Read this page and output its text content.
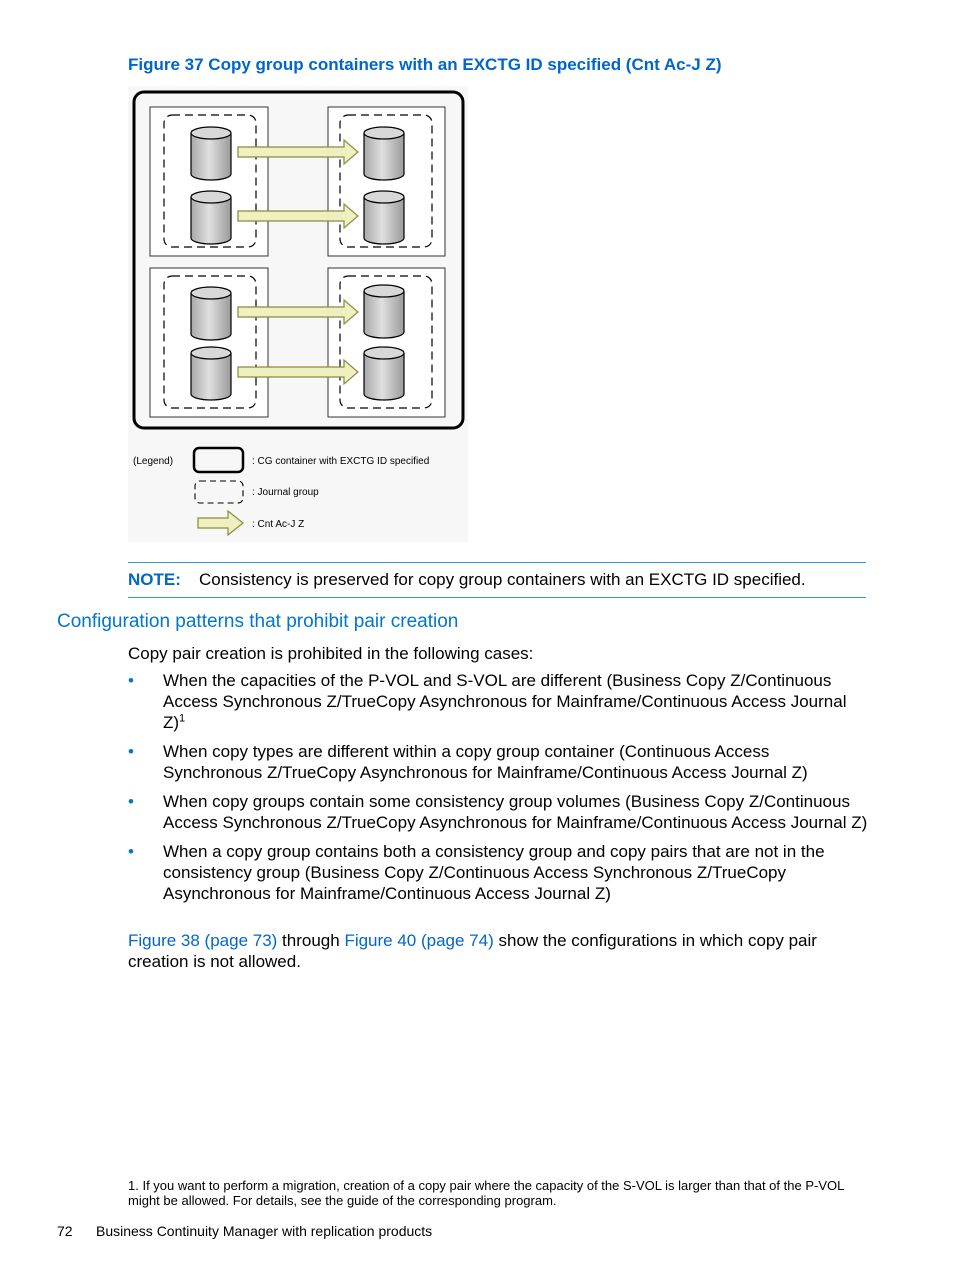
Figure 37 Copy group containers with an EXCTG ID specified (Cnt Ac-J Z)
(Legend)	: CG container with EXCTG ID specified
: Journal group
: Cnt Ac-J Z
NOTE:	Consistency is preserved for copy group containers with an EXCTG ID specified.
Configuration patterns that prohibit pair creation
Copy pair creation is prohibited in the following cases:
• When the capacities of the P-VOL and S-VOL are different (Business Copy Z/Continuous Access Synchronous Z/TrueCopy Asynchronous for Mainframe/Continuous Access Journal Z)$^1$
• When copy types are different within a copy group container (Continuous Access Synchronous Z/TrueCopy Asynchronous for Mainframe/Continuous Access Journal Z)
• When copy groups contain some consistency group volumes (Business Copy Z/Continuous Access Synchronous Z/TrueCopy Asynchronous for Mainframe/Continuous Access Journal Z)
• When a copy group contains both a consistency group and copy pairs that are not in the consistency group (Business Copy Z/Continuous Access Synchronous Z/TrueCopy Asynchronous for Mainframe/Continuous Access Journal Z)
Figure 38 (page 73) through Figure 40 (page 74) show the configurations in which copy pair creation is not allowed.
1. If you want to perform a migration, creation of a copy pair where the capacity of the S-VOL is larger than that of the P-VOL might be allowed. For details, see the guide of the corresponding program.
72 Business Continuity Manager with replication products
